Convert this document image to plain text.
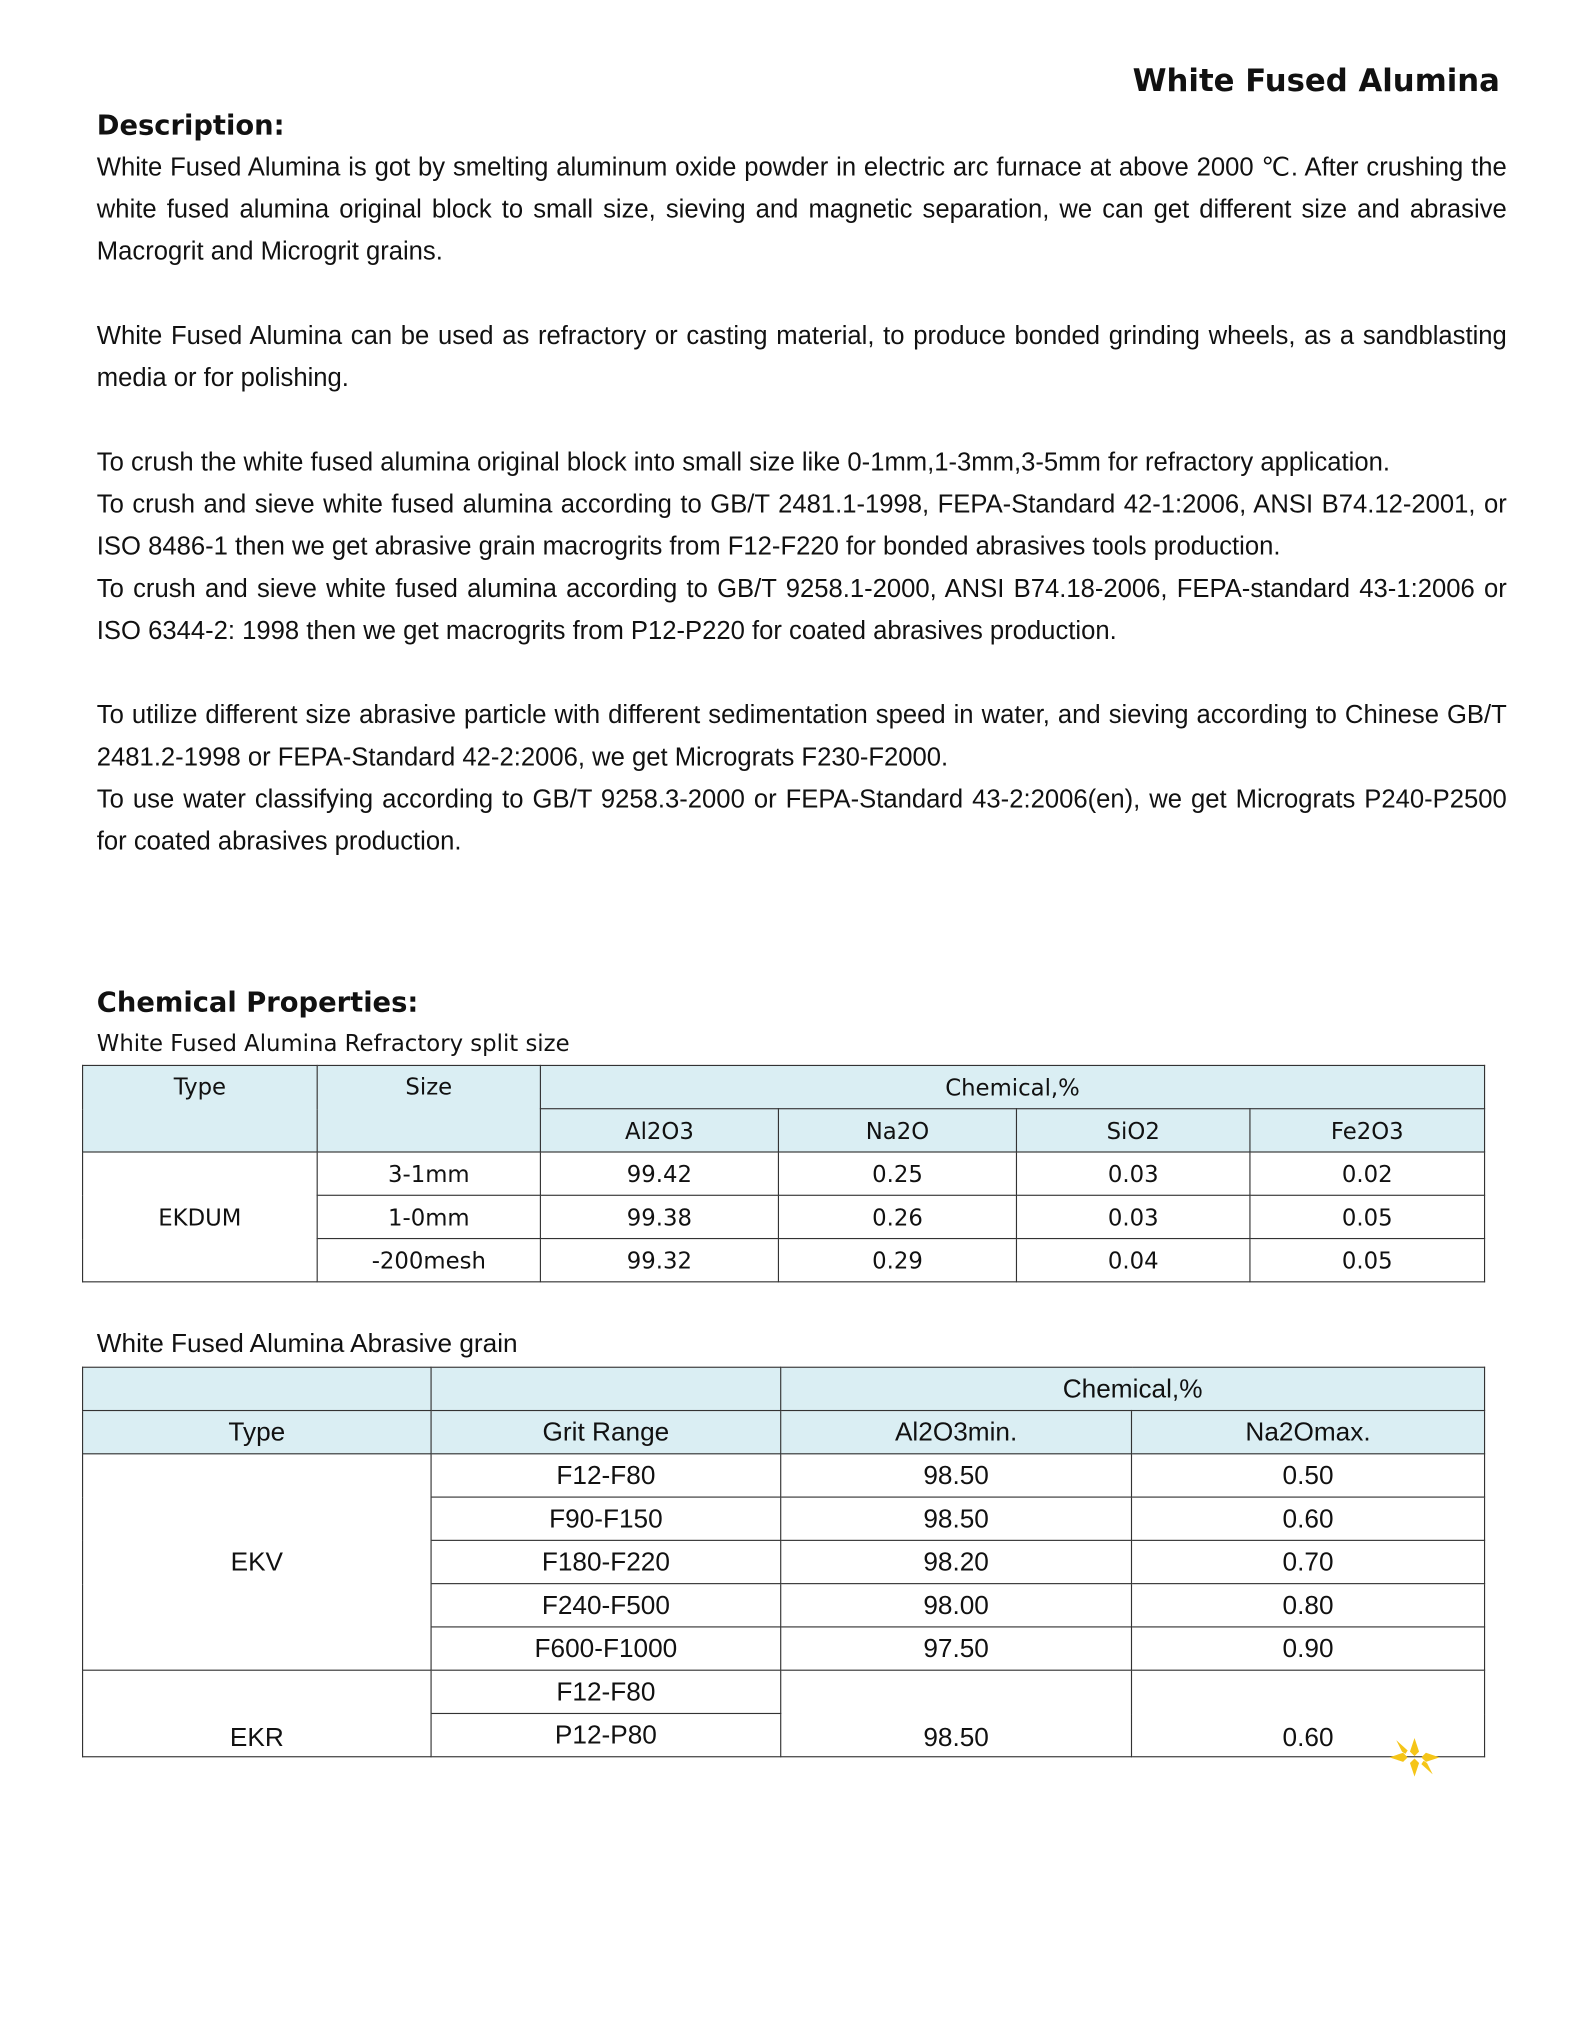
White Fused Alumina
Description:

White Fused Alumina is got by smelting aluminum oxide powder in electric arc furnace at above 2000 ℃. After crushing the white fused alumina original block to small size, sieving and magnetic separation, we can get different size and abrasive Macrogrit and Microgrit grains.

White Fused Alumina can be used as refractory or casting material, to produce bonded grinding wheels, as a sandblasting media or for polishing.

To crush the white fused alumina original block into small size like 0-1mm,1-3mm,3-5mm for refractory application.

To crush and sieve white fused alumina according to GB/T 2481.1-1998, FEPA-Standard 42-1:2006, ANSI B74.12-2001, or ISO 8486-1 then we get abrasive grain macrogrits from F12-F220 for bonded abrasives tools production.

To crush and sieve white fused alumina according to GB/T 9258.1-2000, ANSI B74.18-2006, FEPA-standard 43-1:2006 or ISO 6344-2: 1998 then we get macrogrits from P12-P220 for coated abrasives production.

To utilize different size abrasive particle with different sedimentation speed in water, and sieving according to Chinese GB/T 2481.2-1998 or FEPA-Standard 42-2:2006, we get Micrograts F230-F2000.

To use water classifying according to GB/T 9258.3-2000 or FEPA-Standard 43-2:2006(en), we get Micrograts P240-P2500 for coated abrasives production.

Chemical Properties:
White Fused Alumina Refractory split size
Type	Size	Chemical,%			
		Al2O3	Na2O	SiO2	Fe2O3
EKDUM	3-1mm	99.42	0.25	0.03	0.02
	1-0mm	99.38	0.26	0.03	0.05
	-200mesh	99.32	0.29	0.04	0.05
White Fused Alumina Abrasive grain
		Chemical,%	
Type	Grit Range	Al2O3min.	Na2Omax.
EKV	F12-F80	98.50	0.50
	F90-F150	98.50	0.60
	F180-F220	98.20	0.70
	F240-F500	98.00	0.80
	F600-F1000	97.50	0.90
EKR	F12-F80	98.50	0.60
	P12-P80		
